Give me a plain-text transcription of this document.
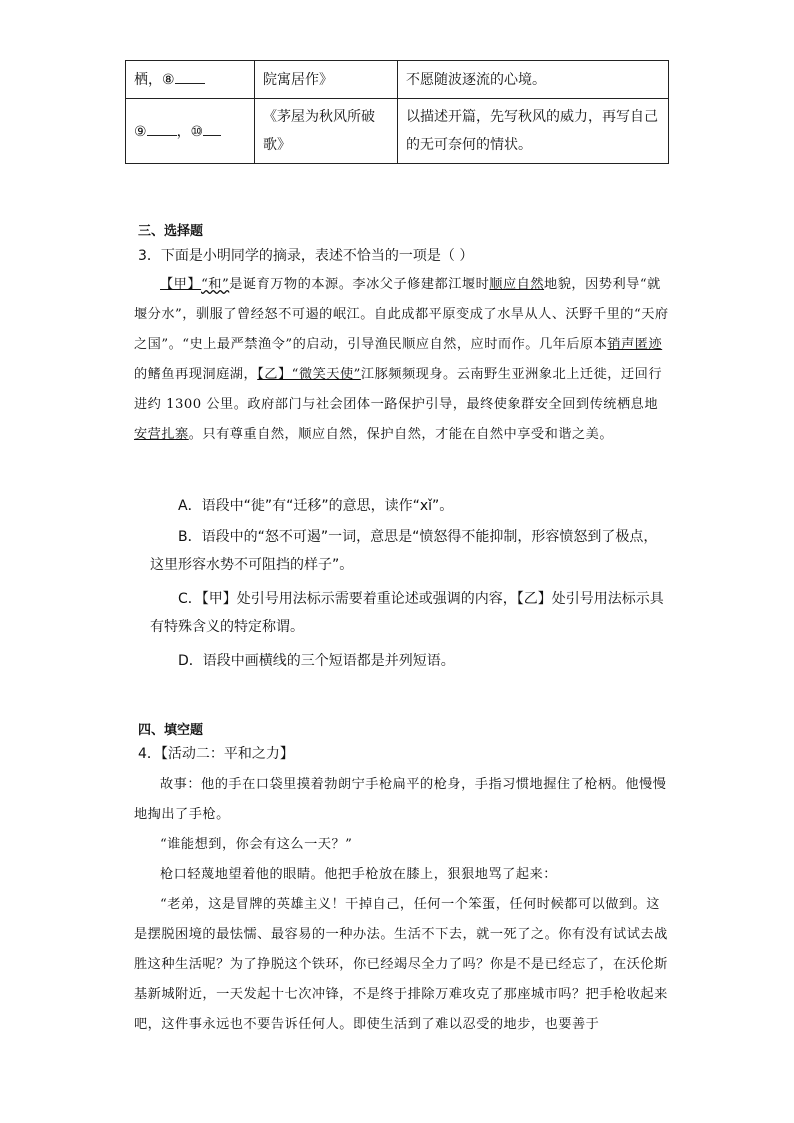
栖，⑧	院寓居作》	不愿随波逐流的心境。
⑨ ，⑩	《茅屋为秋风所破歌》	以描述开篇，先写秋风的威力，再写自己的无可奈何的情状。
三、选择题
3．下面是小明同学的摘录，表述不恰当的一项是（ ）

【甲】“和”是诞育万物的本源。李冰父子修建都江堰时顺应自然地貌，因势利导“就堰分水”，驯服了曾经怒不可遏的岷江。自此成都平原变成了水旱从人、沃野千里的“天府之国”。“史上最严禁渔令”的启动，引导渔民顺应自然，应时而作。几年后原本销声匿迹的鳍鱼再现洞庭湖，【乙】“微笑天使”江豚频频现身。云南野生亚洲象北上迁徙，迂回行进约 1300 公里。政府部门与社会团体一路保护引导，最终使象群安全回到传统栖息地安营扎寨。只有尊重自然，顺应自然，保护自然，才能在自然中享受和谐之美。

A．语段中“徙”有“迁移”的意思，读作“xǐ”。
B．语段中的“怒不可遏”一词，意思是“愤怒得不能抑制，形容愤怒到了极点，这里形容水势不可阻挡的样子”。
C．【甲】处引号用法标示需要着重论述或强调的内容，【乙】处引号用法标示具有特殊含义的特定称谓。
D．语段中画横线的三个短语都是并列短语。
四、填空题
4．【活动二：平和之力】

故事：他的手在口袋里摸着勃朗宁手枪扁平的枪身，手指习惯地握住了枪柄。他慢慢地掏出了手枪。

“谁能想到，你会有这么一天？”

枪口轻蔑地望着他的眼睛。他把手枪放在膝上，狠狠地骂了起来：

“老弟，这是冒牌的英雄主义！干掉自己，任何一个笨蛋，任何时候都可以做到。这是摆脱困境的最怯懦、最容易的一种办法。生活不下去，就一死了之。你有没有试试去战胜这种生活呢？为了挣脱这个铁环，你已经竭尽全力了吗？你是不是已经忘了，在沃伦斯基新城附近，一天发起十七次冲锋，不是终于排除万难攻克了那座城市吗？把手枪收起来吧，这件事永远也不要告诉任何人。即使生活到了难以忍受的地步，也要善于
